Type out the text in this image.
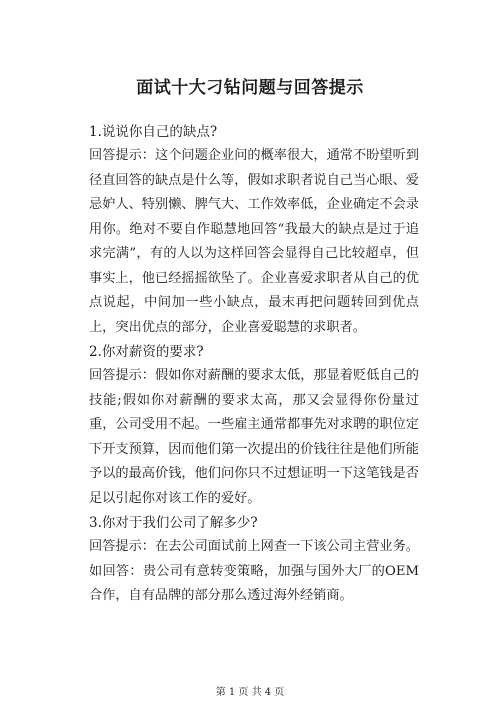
面试十大刁钻问题与回答提示
1.说说你自己的缺点?
回答提示：这个问题企业问的概率很大，通常不盼望听到径直回答的缺点是什么等，假如求职者说自己当心眼、爱忌妒人、特别懒、脾气大、工作效率低，企业确定不会录用你。绝对不要自作聪慧地回答“我最大的缺点是过于追求完满”，有的人以为这样回答会显得自己比较超卓，但事实上，他已经摇摇欲坠了。企业喜爱求职者从自己的优点说起，中间加一些小缺点，最末再把问题转回到优点上，突出优点的部分，企业喜爱聪慧的求职者。
2.你对薪资的要求?
回答提示：假如你对薪酬的要求太低，那显着贬低自己的技能;假如你对薪酬的要求太高，那又会显得你份量过重，公司受用不起。一些雇主通常都事先对求聘的职位定下开支预算，因而他们第一次提出的价钱往往是他们所能予以的最高价钱，他们问你只不过想证明一下这笔钱是否足以引起你对该工作的爱好。
3.你对于我们公司了解多少?
回答提示：在去公司面试前上网查一下该公司主营业务。如回答：贵公司有意转变策略，加强与国外大厂的OEM合作，自有品牌的部分那么透过海外经销商。
第 1 页 共 4 页
